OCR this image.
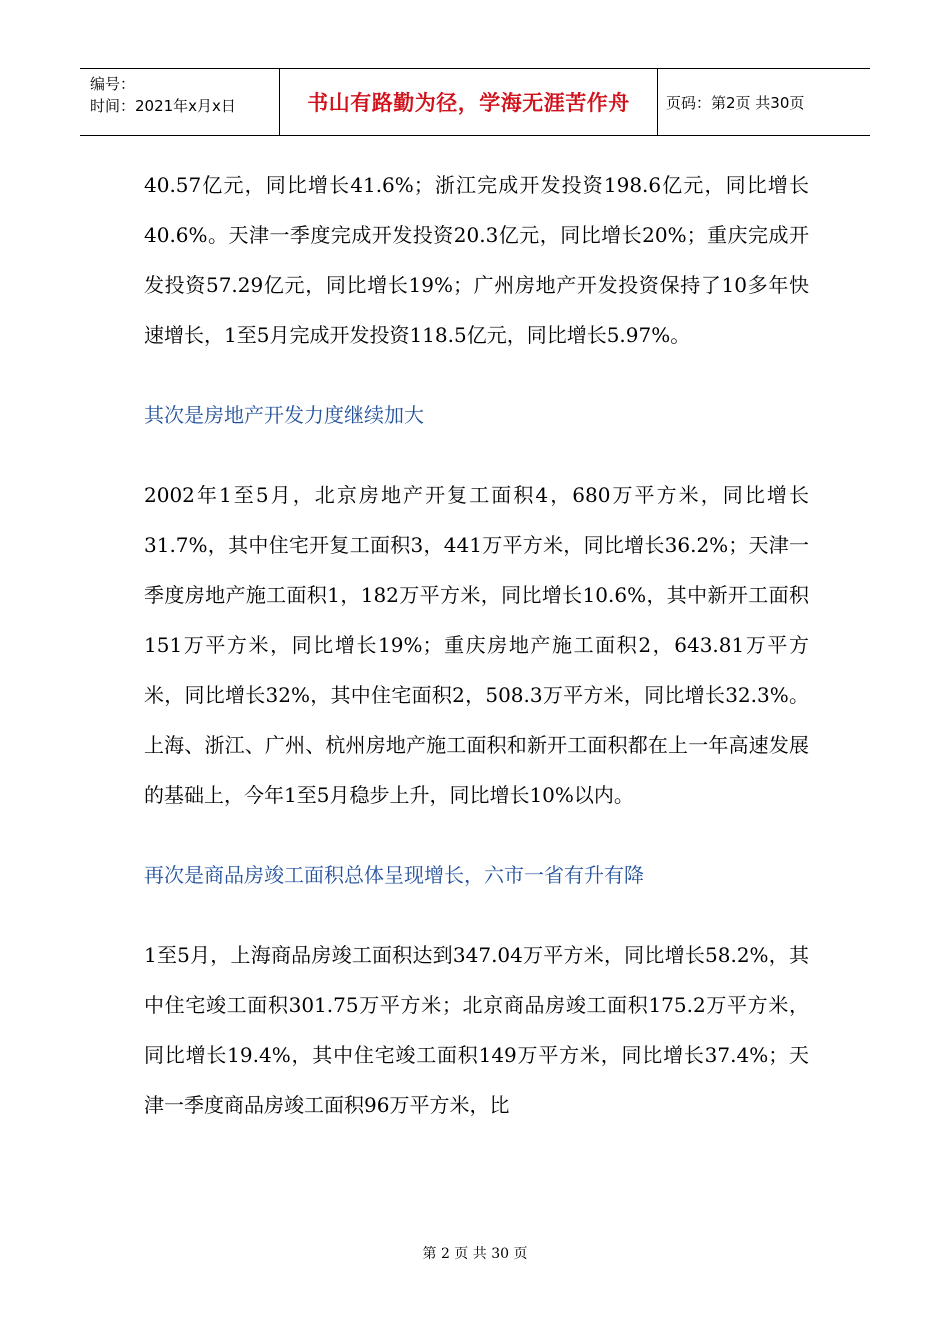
编号：
时间：2021年x月x日	书山有路勤为径，学海无涯苦作舟	页码：第2页 共30页

40.57亿元，同比增长41.6%；浙江完成开发投资198.6亿元，同比增长40.6%。天津一季度完成开发投资20.3亿元，同比增长20%；重庆完成开发投资57.29亿元，同比增长19%；广州房地产开发投资保持了10多年快速增长，1至5月完成开发投资118.5亿元，同比增长5.97%。

其次是房地产开发力度继续加大

2002年1至5月，北京房地产开复工面积4，680万平方米，同比增长31.7%，其中住宅开复工面积3，441万平方米，同比增长36.2%；天津一季度房地产施工面积1，182万平方米，同比增长10.6%，其中新开工面积151万平方米，同比增长19%；重庆房地产施工面积2，643.81万平方米，同比增长32%，其中住宅面积2，508.3万平方米，同比增长32.3%。上海、浙江、广州、杭州房地产施工面积和新开工面积都在上一年高速发展的基础上，今年1至5月稳步上升，同比增长10%以内。

再次是商品房竣工面积总体呈现增长，六市一省有升有降

1至5月，上海商品房竣工面积达到347.04万平方米，同比增长58.2%，其中住宅竣工面积301.75万平方米；北京商品房竣工面积175.2万平方米，同比增长19.4%，其中住宅竣工面积149万平方米，同比增长37.4%；天津一季度商品房竣工面积96万平方米，比

第 2 页 共 30 页
